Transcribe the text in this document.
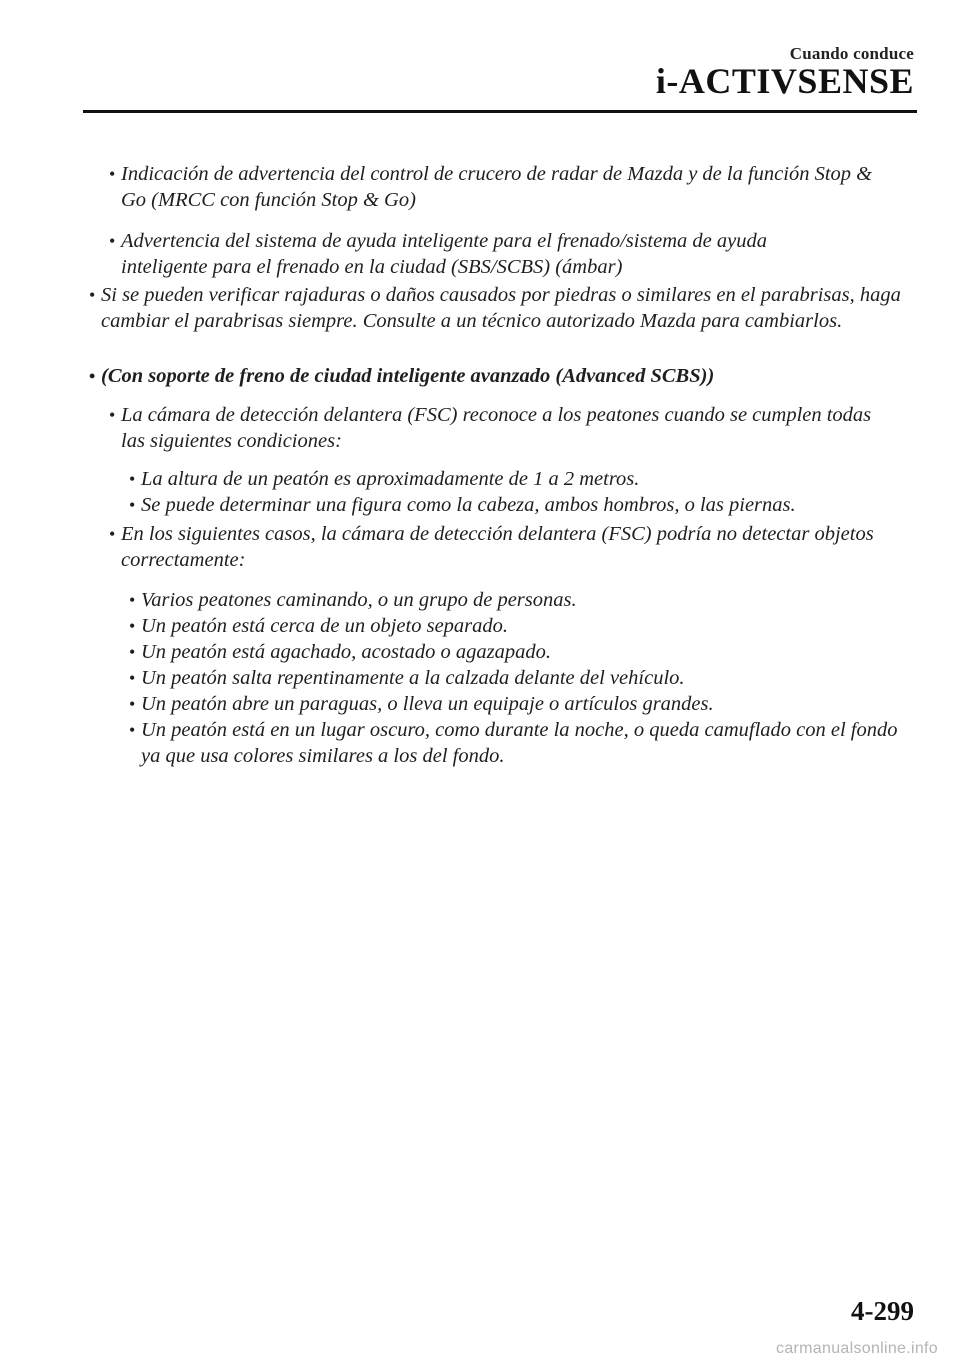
Cuando conduce
i-ACTIVSENSE
• Indicación de advertencia del control de crucero de radar de Mazda y de la función Stop & Go (MRCC con función Stop & Go)
• Advertencia del sistema de ayuda inteligente para el frenado/sistema de ayuda inteligente para el frenado en la ciudad (SBS/SCBS) (ámbar)
• Si se pueden verificar rajaduras o daños causados por piedras o similares en el parabrisas, haga cambiar el parabrisas siempre. Consulte a un técnico autorizado Mazda para cambiarlos.
• (Con soporte de freno de ciudad inteligente avanzado (Advanced SCBS))
• La cámara de detección delantera (FSC) reconoce a los peatones cuando se cumplen todas las siguientes condiciones:
• La altura de un peatón es aproximadamente de 1 a 2 metros.
• Se puede determinar una figura como la cabeza, ambos hombros, o las piernas.
• En los siguientes casos, la cámara de detección delantera (FSC) podría no detectar objetos correctamente:
• Varios peatones caminando, o un grupo de personas.
• Un peatón está cerca de un objeto separado.
• Un peatón está agachado, acostado o agazapado.
• Un peatón salta repentinamente a la calzada delante del vehículo.
• Un peatón abre un paraguas, o lleva un equipaje o artículos grandes.
• Un peatón está en un lugar oscuro, como durante la noche, o queda camuflado con el fondo ya que usa colores similares a los del fondo.
4-299
carmanualsonline.info
